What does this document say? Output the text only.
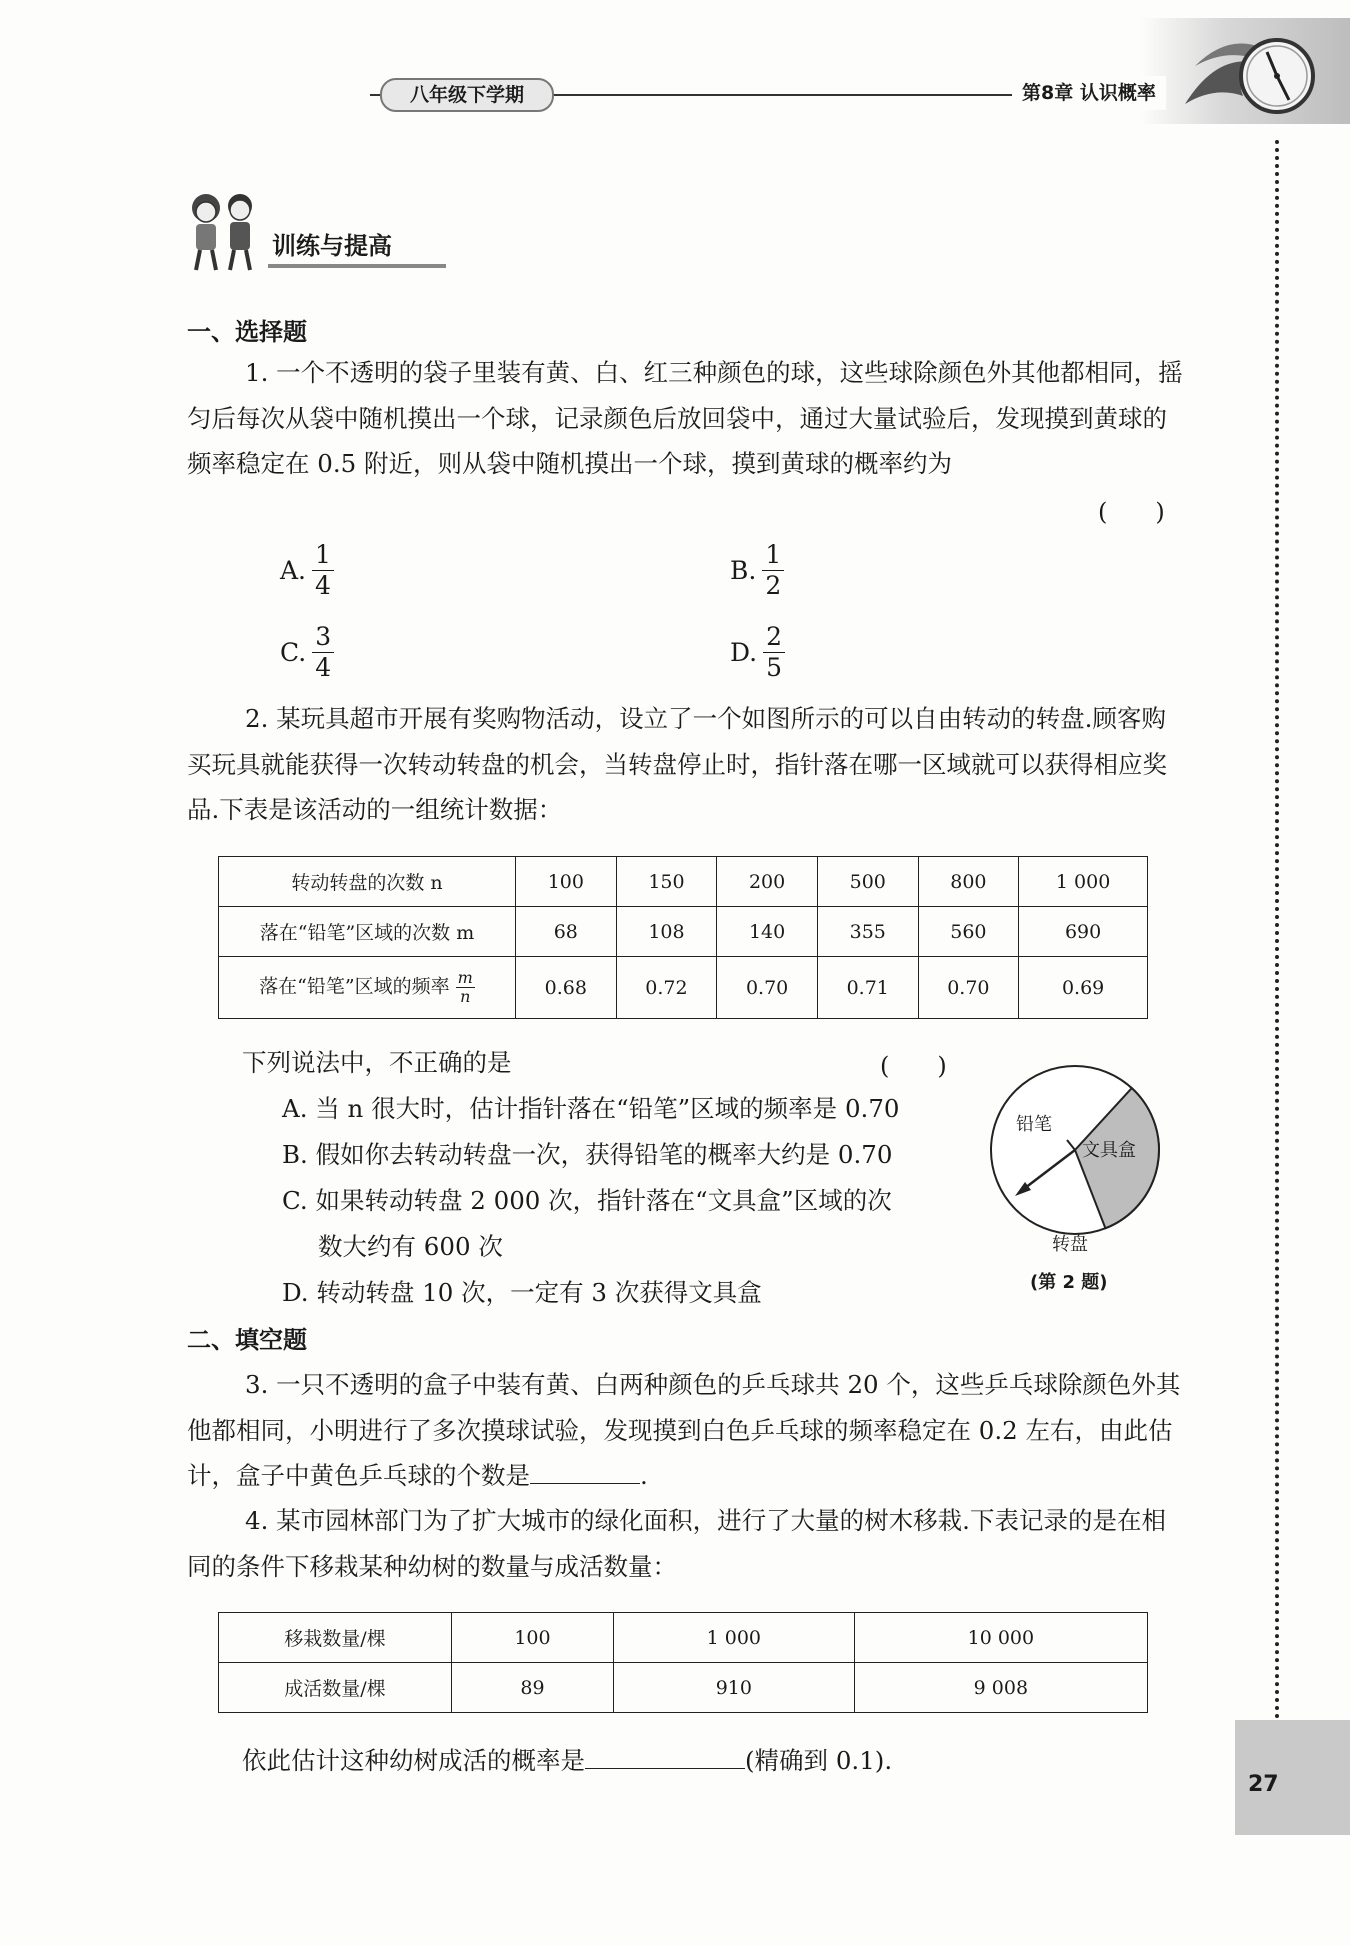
八年级下学期	第8章 认识概率
27
训练与提高
一、选择题
1. 一个不透明的袋子里装有黄、白、红三种颜色的球，这些球除颜色外其他都相同，摇匀后每次从袋中随机摸出一个球，记录颜色后放回袋中，通过大量试验后，发现摸到黄球的频率稳定在 0.5 附近，则从袋中随机摸出一个球，摸到黄球的概率约为
(　　)
A. $\frac{1}{4}$	B. $\frac{1}{2}$
C. $\frac{3}{4}$	D. $\frac{2}{5}$
2. 某玩具超市开展有奖购物活动，设立了一个如图所示的可以自由转动的转盘.顾客购买玩具就能获得一次转动转盘的机会，当转盘停止时，指针落在哪一区域就可以获得相应奖品.下表是该活动的一组统计数据：
转动转盘的次数 n	100	150	200	500	800	1 000
落在“铅笔”区域的次数 m	68	108	140	355	560	690
落在“铅笔”区域的频率 $\frac{m}{n}$	0.68	0.72	0.70	0.71	0.70	0.69
下列说法中，不正确的是	(　　)
A. 当 n 很大时，估计指针落在“铅笔”区域的频率是 0.70
B. 假如你去转动转盘一次，获得铅笔的概率大约是 0.70
C. 如果转动转盘 2 000 次，指针落在“文具盒”区域的次
数大约有 600 次
D. 转动转盘 10 次，一定有 3 次获得文具盒
铅笔
文具盒
转盘
(第 2 题)
二、填空题
3. 一只不透明的盒子中装有黄、白两种颜色的乒乓球共 20 个，这些乒乓球除颜色外其他都相同，小明进行了多次摸球试验，发现摸到白色乒乓球的频率稳定在 0.2 左右，由此估计，盒子中黄色乒乓球的个数是	.
4. 某市园林部门为了扩大城市的绿化面积，进行了大量的树木移栽.下表记录的是在相同的条件下移栽某种幼树的数量与成活数量：
移栽数量/棵	100	1 000	10 000
成活数量/棵	89	910	9 008
依此估计这种幼树成活的概率是	(精确到 0.1).
